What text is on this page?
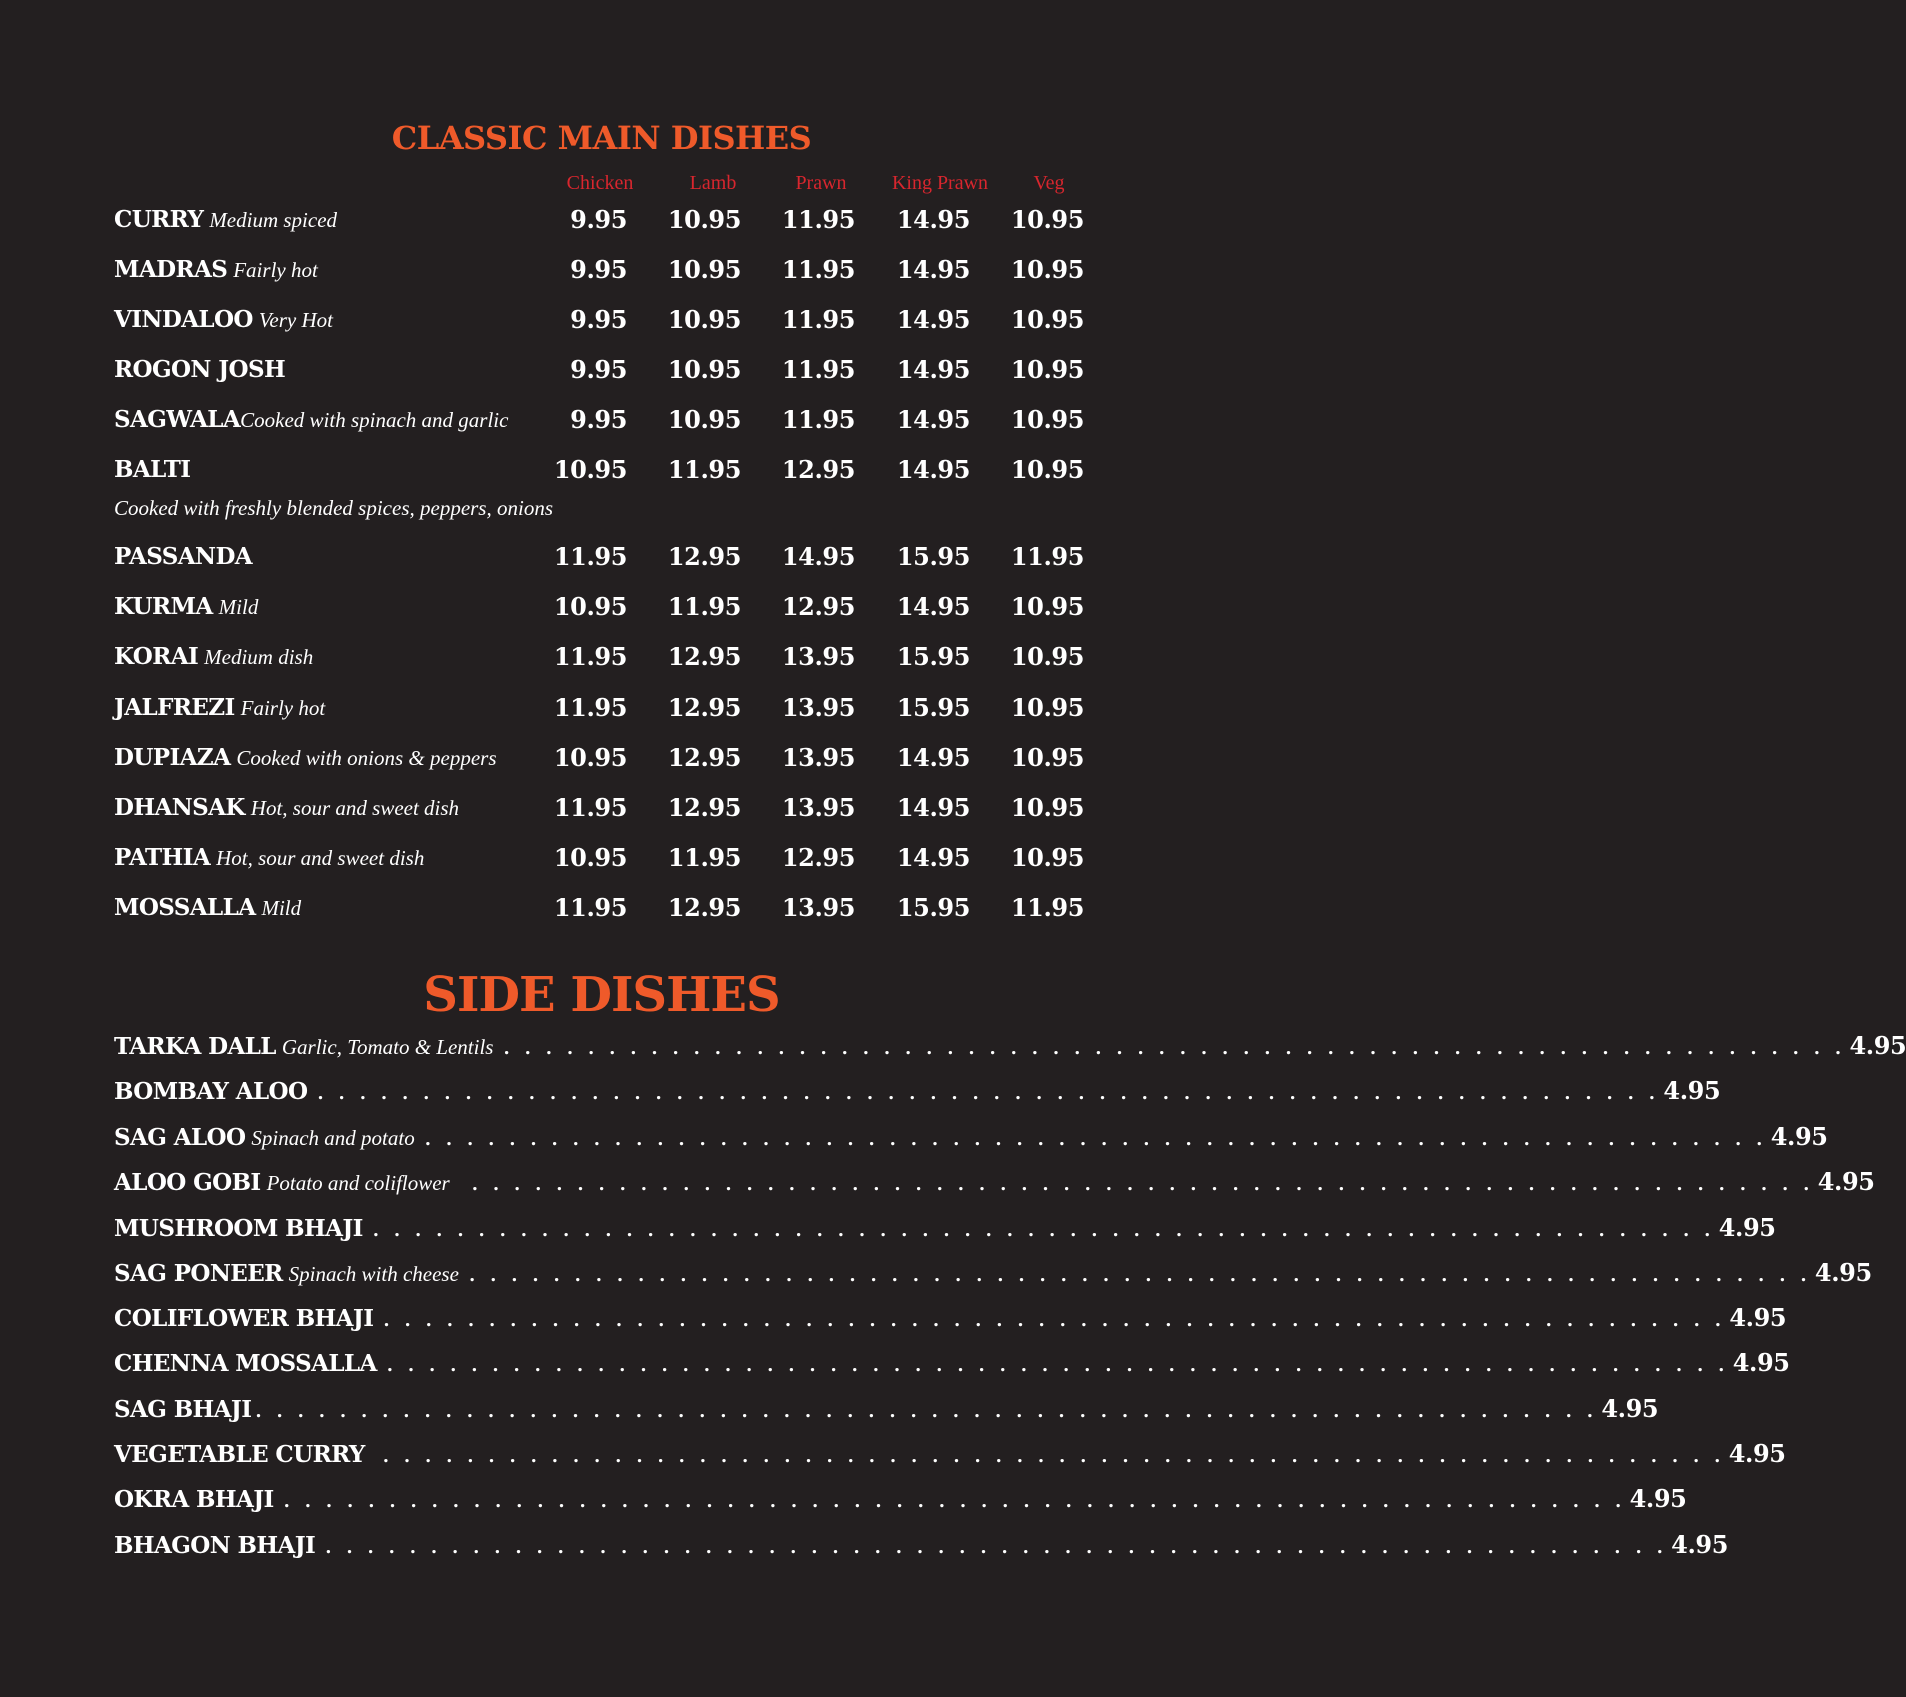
CLASSIC MAIN DISHES
Chicken	Lamb	Prawn	King Prawn	Veg
CURRY Medium spiced	9.95	10.95	11.95	14.95	10.95
MADRAS Fairly hot	9.95	10.95	11.95	14.95	10.95
VINDALOO Very Hot	9.95	10.95	11.95	14.95	10.95
ROGON JOSH	9.95	10.95	11.95	14.95	10.95
SAGWALACooked with spinach and garlic	9.95	10.95	11.95	14.95	10.95
BALTI	10.95	11.95	12.95	14.95	10.95
Cooked with freshly blended spices, peppers, onions
PASSANDA	11.95	12.95	14.95	15.95	11.95
KURMA Mild	10.95	11.95	12.95	14.95	10.95
KORAI Medium dish	11.95	12.95	13.95	15.95	10.95
JALFREZI Fairly hot	11.95	12.95	13.95	15.95	10.95
DUPIAZA Cooked with onions & peppers	10.95	12.95	13.95	14.95	10.95
DHANSAK Hot, sour and sweet dish	11.95	12.95	13.95	14.95	10.95
PATHIA Hot, sour and sweet dish	10.95	11.95	12.95	14.95	10.95
MOSSALLA Mild	11.95	12.95	13.95	15.95	11.95
SIDE DISHES
TARKA DALL Garlic, Tomato & Lentils . . . . . . . . . . . . . . . . . . . . . . . . . . . . . . . . . . . . . . . . . . . . . . . . . . . . . . . . . . . . . . . . 4.95
BOMBAY ALOO . . . . . . . . . . . . . . . . . . . . . . . . . . . . . . . . . . . . . . . . . . . . . . . . . . . . . . . . . . . . . . . . 4.95
SAG ALOO Spinach and potato . . . . . . . . . . . . . . . . . . . . . . . . . . . . . . . . . . . . . . . . . . . . . . . . . . . . . . . . . . . . . . . . 4.95
ALOO GOBI Potato and coliflower . . . . . . . . . . . . . . . . . . . . . . . . . . . . . . . . . . . . . . . . . . . . . . . . . . . . . . . . . . . . . . . . 4.95
MUSHROOM BHAJI . . . . . . . . . . . . . . . . . . . . . . . . . . . . . . . . . . . . . . . . . . . . . . . . . . . . . . . . . . . . . . . . 4.95
SAG PONEER Spinach with cheese . . . . . . . . . . . . . . . . . . . . . . . . . . . . . . . . . . . . . . . . . . . . . . . . . . . . . . . . . . . . . . . . 4.95
COLIFLOWER BHAJI . . . . . . . . . . . . . . . . . . . . . . . . . . . . . . . . . . . . . . . . . . . . . . . . . . . . . . . . . . . . . . . . 4.95
CHENNA MOSSALLA . . . . . . . . . . . . . . . . . . . . . . . . . . . . . . . . . . . . . . . . . . . . . . . . . . . . . . . . . . . . . . . . 4.95
SAG BHAJI . . . . . . . . . . . . . . . . . . . . . . . . . . . . . . . . . . . . . . . . . . . . . . . . . . . . . . . . . . . . . . . . 4.95
VEGETABLE CURRY . . . . . . . . . . . . . . . . . . . . . . . . . . . . . . . . . . . . . . . . . . . . . . . . . . . . . . . . . . . . . . . . 4.95
OKRA BHAJI . . . . . . . . . . . . . . . . . . . . . . . . . . . . . . . . . . . . . . . . . . . . . . . . . . . . . . . . . . . . . . . . 4.95
BHAGON BHAJI . . . . . . . . . . . . . . . . . . . . . . . . . . . . . . . . . . . . . . . . . . . . . . . . . . . . . . . . . . . . . . . . 4.95
